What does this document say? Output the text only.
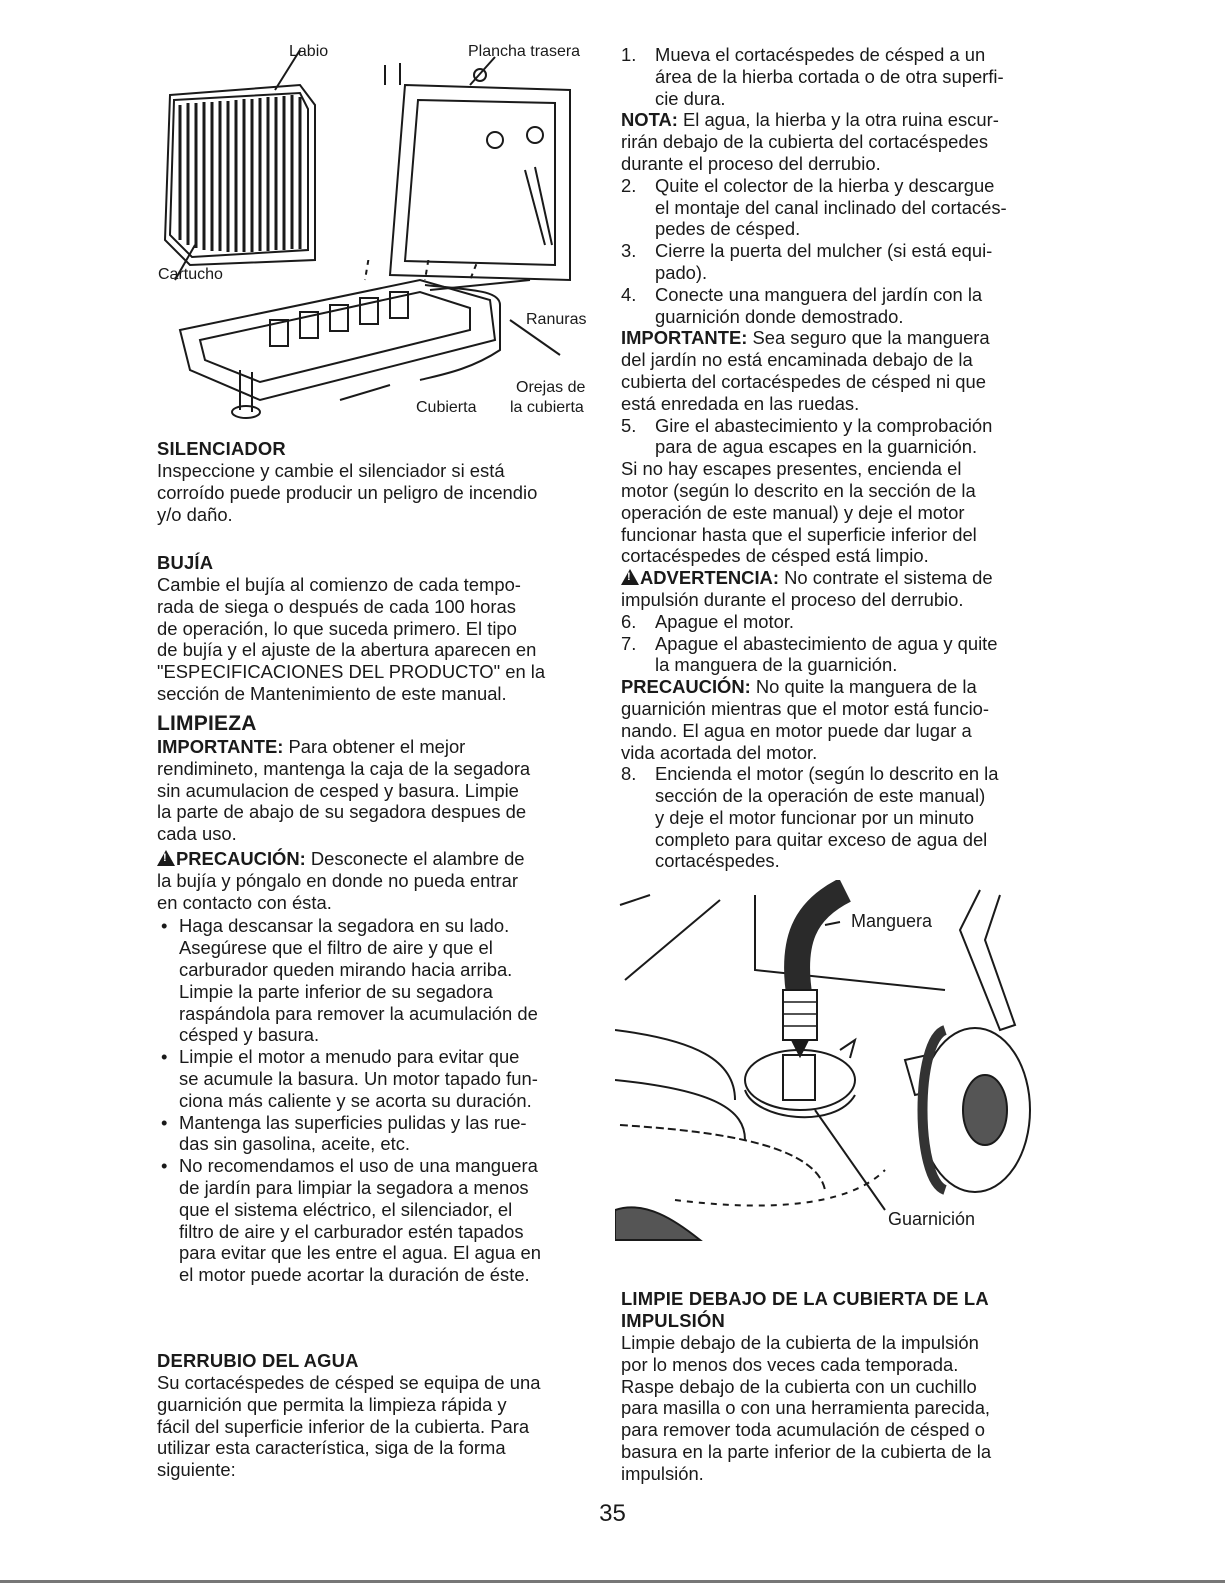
Labio	Plancha trasera
Cartucho
Ranuras
Orejas de
la cubierta
Cubierta

SILENCIADOR

Inspeccione y cambie el silenciador si está

corroído puede producir un peligro de incendio

y/o daño.

BUJÍA

Cambie el bujía al comienzo de cada tempo-

rada de siega o después de cada 100 horas

de operación, lo que suceda primero. El tipo

de bujía y el ajuste de la abertura aparecen en

"ESPECIFICACIONES DEL PRODUCTO" en la

sección de Mantenimiento de este manual.

LIMPIEZA

IMPORTANTE: Para obtener el mejor

rendimineto, mantenga la caja de la segadora

sin acumulacion de cesped y basura. Limpie

la parte de abajo de su segadora despues de

cada uso.

!PRECAUCIÓN: Desconecte el alambre de

la bujía y póngalo en donde no pueda entrar

en contacto con ésta.

• Haga descansar la segadora en su lado.
Asegúrese que el filtro de aire y que el
carburador queden mirando hacia arriba.
Limpie la parte inferior de su segadora
raspándola para remover la acumulación de
césped y basura.
• Limpie el motor a menudo para evitar que
se acumule la basura. Un motor tapado fun-
ciona más caliente y se acorta su duración.
• Mantenga las superficies pulidas y las rue-
das sin gasolina, aceite, etc.
• No recomendamos el uso de una manguera
de jardín para limpiar la segadora a menos
que el sistema eléctrico, el silenciador, el
filtro de aire y el carburador estén tapados
para evitar que les entre el agua. El agua en
el motor puede acortar la duración de éste.

DERRUBIO DEL AGUA

Su cortacéspedes de césped se equipa de una

guarnición que permita la limpieza rápida y

fácil del superficie inferior de la cubierta. Para

utilizar esta característica, siga de la forma

siguiente:

1. Mueva el cortacéspedes de césped a un
área de la hierba cortada o de otra superfi-
cie dura.

NOTA: El agua, la hierba y la otra ruina escur-

rirán debajo de la cubierta del cortacéspedes

durante el proceso del derrubio.

2. Quite el colector de la hierba y descargue
el montaje del canal inclinado del cortacés-
pedes de césped.
3. Cierre la puerta del mulcher (si está equi-
pado).
4. Conecte una manguera del jardín con la
guarnición donde demostrado.

IMPORTANTE: Sea seguro que la manguera

del jardín no está encaminada debajo de la

cubierta del cortacéspedes de césped ni que

está enredada en las ruedas.

5. Gire el abastecimiento y la comprobación
para de agua escapes en la guarnición.

Si no hay escapes presentes, encienda el

motor (según lo descrito en la sección de la

operación de este manual) y deje el motor

funcionar hasta que el superficie inferior del

cortacéspedes de césped está limpio.

!ADVERTENCIA: No contrate el sistema de

impulsión durante el proceso del derrubio.

6. Apague el motor.
7. Apague el abastecimiento de agua y quite
la manguera de la guarnición.

PRECAUCIÓN: No quite la manguera de la

guarnición mientras que el motor está funcio-

nando. El agua en motor puede dar lugar a

vida acortada del motor.

8. Encienda el motor (según lo descrito en la
sección de la operación de este manual)
y deje el motor funcionar por un minuto
completo para quitar exceso de agua del
cortacéspedes.

LIMPIE DEBAJO DE LA CUBIERTA DE LA

IMPULSIÓN

Limpie debajo de la cubierta de la impulsión

por lo menos dos veces cada temporada.

Raspe debajo de la cubierta con un cuchillo

para masilla o con una herramienta parecida,

para remover toda acumulación de césped o

basura en la parte inferior de la cubierta de la

impulsión.

Manguera
Guarnición
35
